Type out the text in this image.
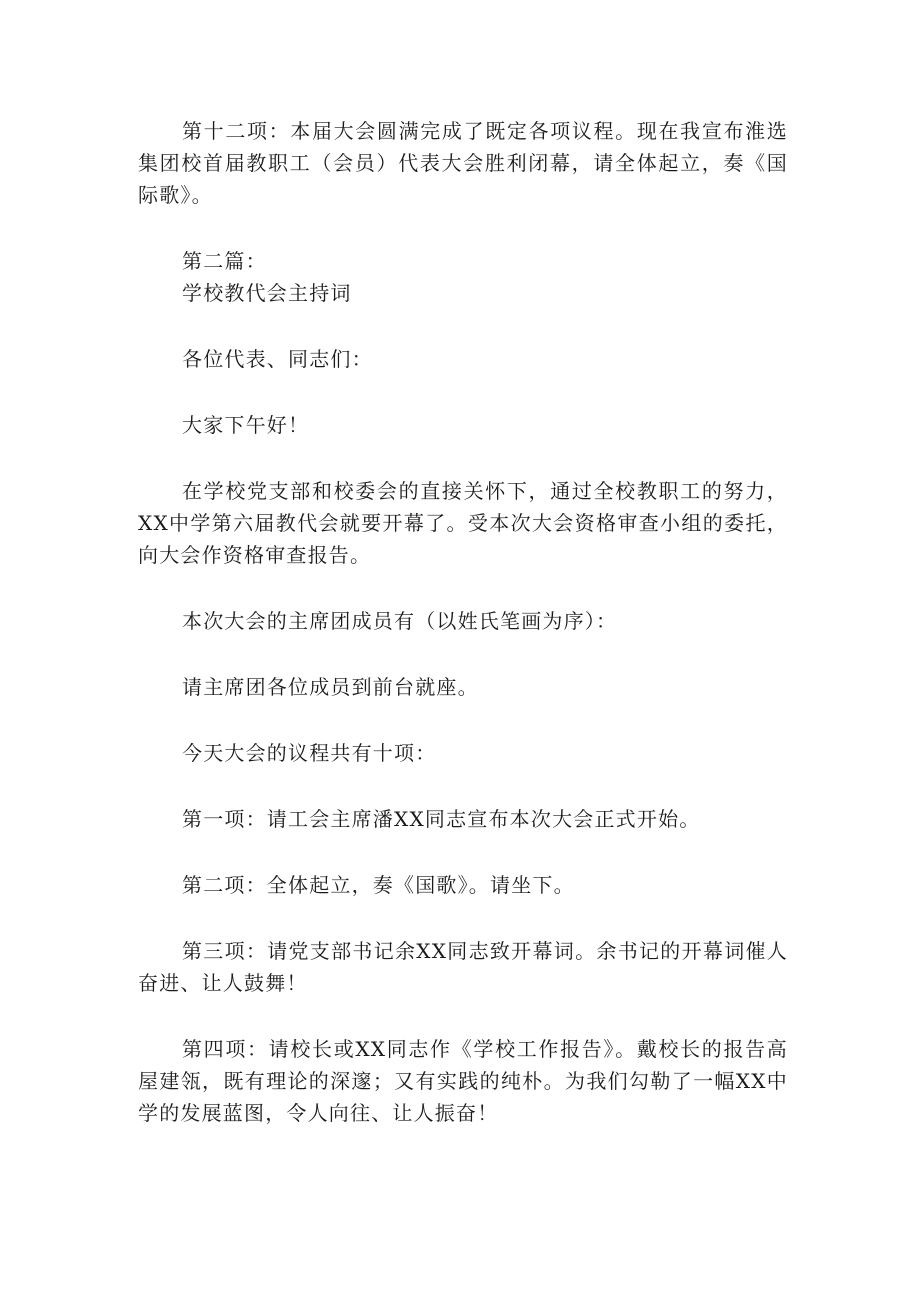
第十二项：本届大会圆满完成了既定各项议程。现在我宣布淮选集团校首届教职工（会员）代表大会胜利闭幕，请全体起立，奏《国际歌》。

第二篇：

学校教代会主持词

各位代表、同志们：

大家下午好！

在学校党支部和校委会的直接关怀下，通过全校教职工的努力，XX中学第六届教代会就要开幕了。受本次大会资格审查小组的委托，向大会作资格审查报告。

本次大会的主席团成员有（以姓氏笔画为序）：

请主席团各位成员到前台就座。

今天大会的议程共有十项：

第一项：请工会主席潘XX同志宣布本次大会正式开始。

第二项：全体起立，奏《国歌》。请坐下。

第三项：请党支部书记余XX同志致开幕词。余书记的开幕词催人奋进、让人鼓舞！

第四项：请校长或XX同志作《学校工作报告》。戴校长的报告高屋建瓴，既有理论的深邃；又有实践的纯朴。为我们勾勒了一幅XX中学的发展蓝图，令人向往、让人振奋！
